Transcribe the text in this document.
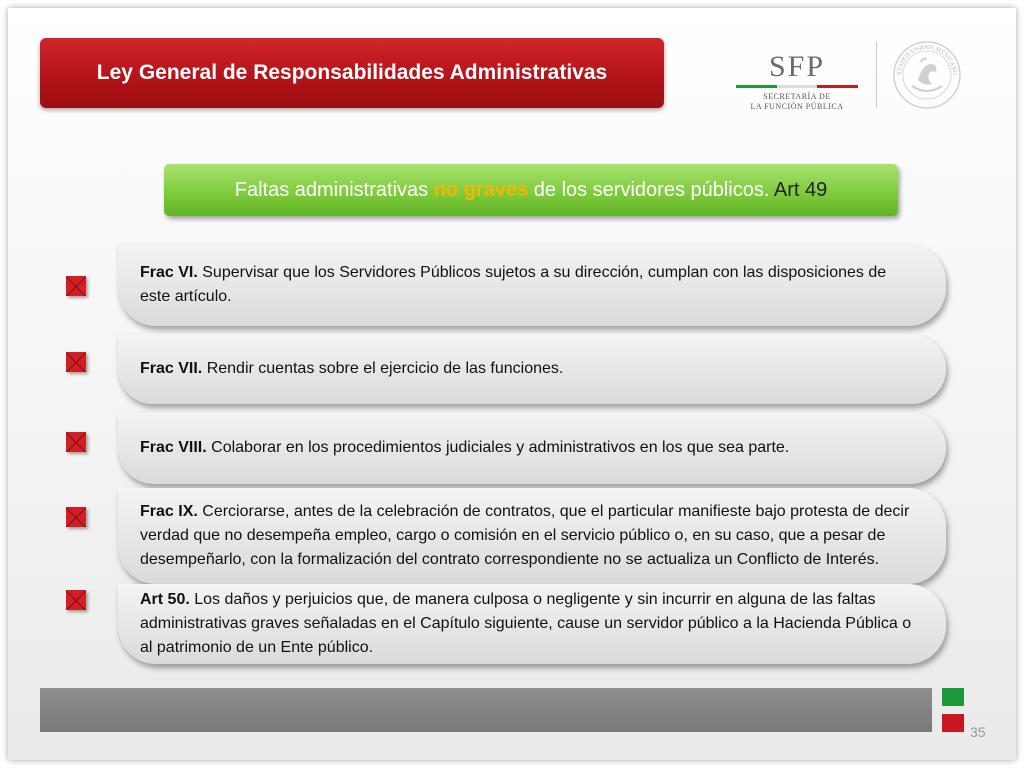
Ley General de Responsabilidades Administrativas	SFP
SECRETARÍA DE
LA FUNCIÓN PÚBLICA
STADOS UNIDOS MEXICANO
Faltas administrativas no graves de los servidores públicos. Art 49
Frac VI. Supervisar que los Servidores Públicos sujetos a su dirección, cumplan con las disposiciones de este artículo.
Frac VII. Rendir cuentas sobre el ejercicio de las funciones.
Frac VIII. Colaborar en los procedimientos judiciales y administrativos en los que sea parte.
Frac IX. Cerciorarse, antes de la celebración de contratos, que el particular manifieste bajo protesta de decir verdad que no desempeña empleo, cargo o comisión en el servicio público o, en su caso, que a pesar de desempeñarlo, con la formalización del contrato correspondiente no se actualiza un Conflicto de Interés.
Art 50. Los daños y perjuicios que, de manera culposa o negligente y sin incurrir en alguna de las faltas administrativas graves señaladas en el Capítulo siguiente, cause un servidor público a la Hacienda Pública o al patrimonio de un Ente público.
35
